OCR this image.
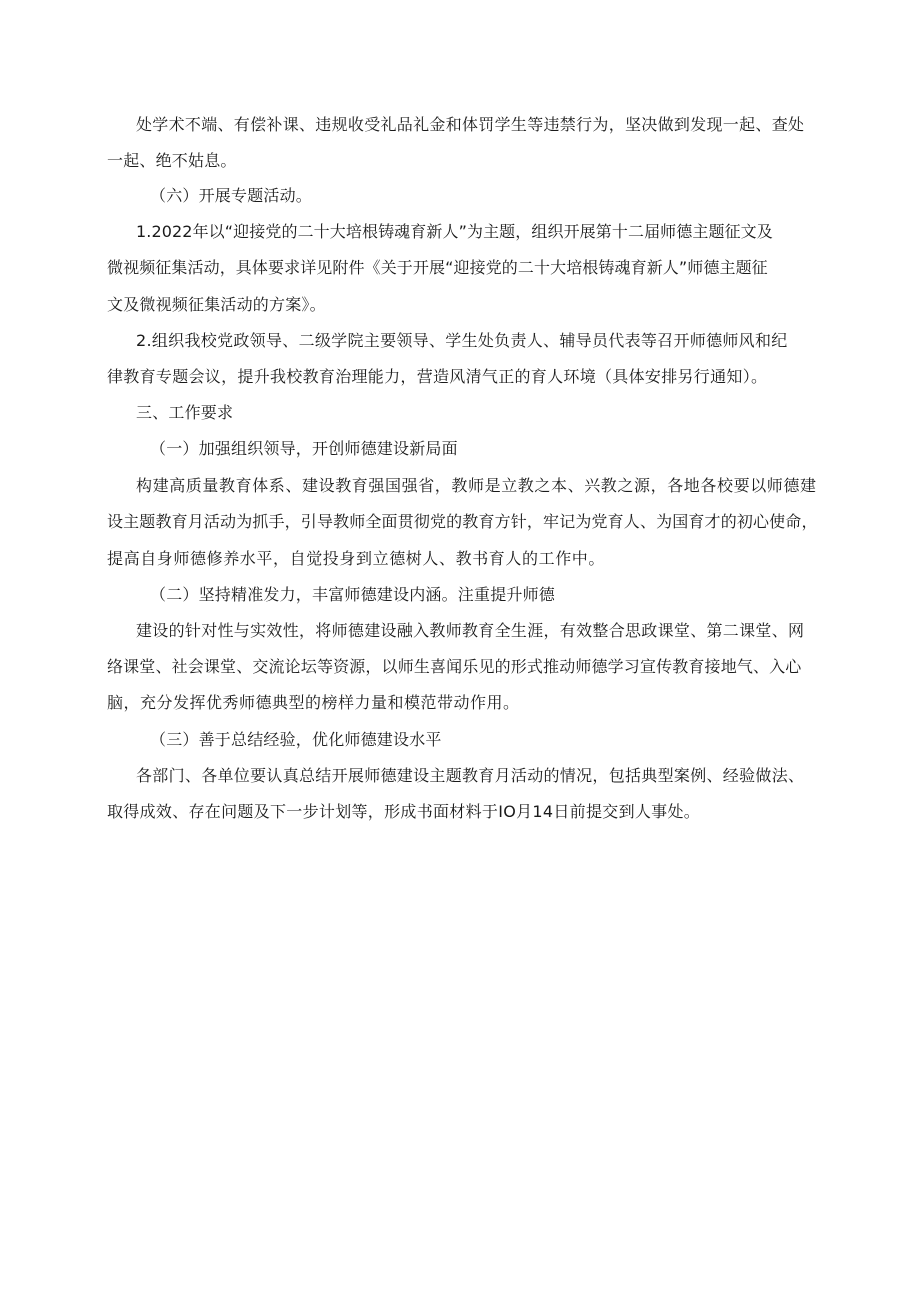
处学术不端、有偿补课、违规收受礼品礼金和体罚学生等违禁行为，坚决做到发现一起、查处
一起、绝不姑息。
（六）开展专题活动。
1.2022年以“迎接党的二十大培根铸魂育新人”为主题，组织开展第十二届师德主题征文及
微视频征集活动，具体要求详见附件《关于开展“迎接党的二十大培根铸魂育新人”师德主题征
文及微视频征集活动的方案》。
2.组织我校党政领导、二级学院主要领导、学生处负责人、辅导员代表等召开师德师风和纪
律教育专题会议，提升我校教育治理能力，营造风清气正的育人环境（具体安排另行通知）。
三、工作要求
（一）加强组织领导，开创师德建设新局面
构建高质量教育体系、建设教育强国强省，教师是立教之本、兴教之源，各地各校要以师德建
设主题教育月活动为抓手，引导教师全面贯彻党的教育方针，牢记为党育人、为国育才的初心使命，
提高自身师德修养水平，自觉投身到立德树人、教书育人的工作中。
（二）坚持精准发力，丰富师德建设内涵。注重提升师德
建设的针对性与实效性，将师德建设融入教师教育全生涯，有效整合思政课堂、第二课堂、网
络课堂、社会课堂、交流论坛等资源，以师生喜闻乐见的形式推动师德学习宣传教育接地气、入心
脑，充分发挥优秀师德典型的榜样力量和模范带动作用。
（三）善于总结经验，优化师德建设水平
各部门、各单位要认真总结开展师德建设主题教育月活动的情况，包括典型案例、经验做法、
取得成效、存在问题及下一步计划等，形成书面材料于IO月14日前提交到人事处。
